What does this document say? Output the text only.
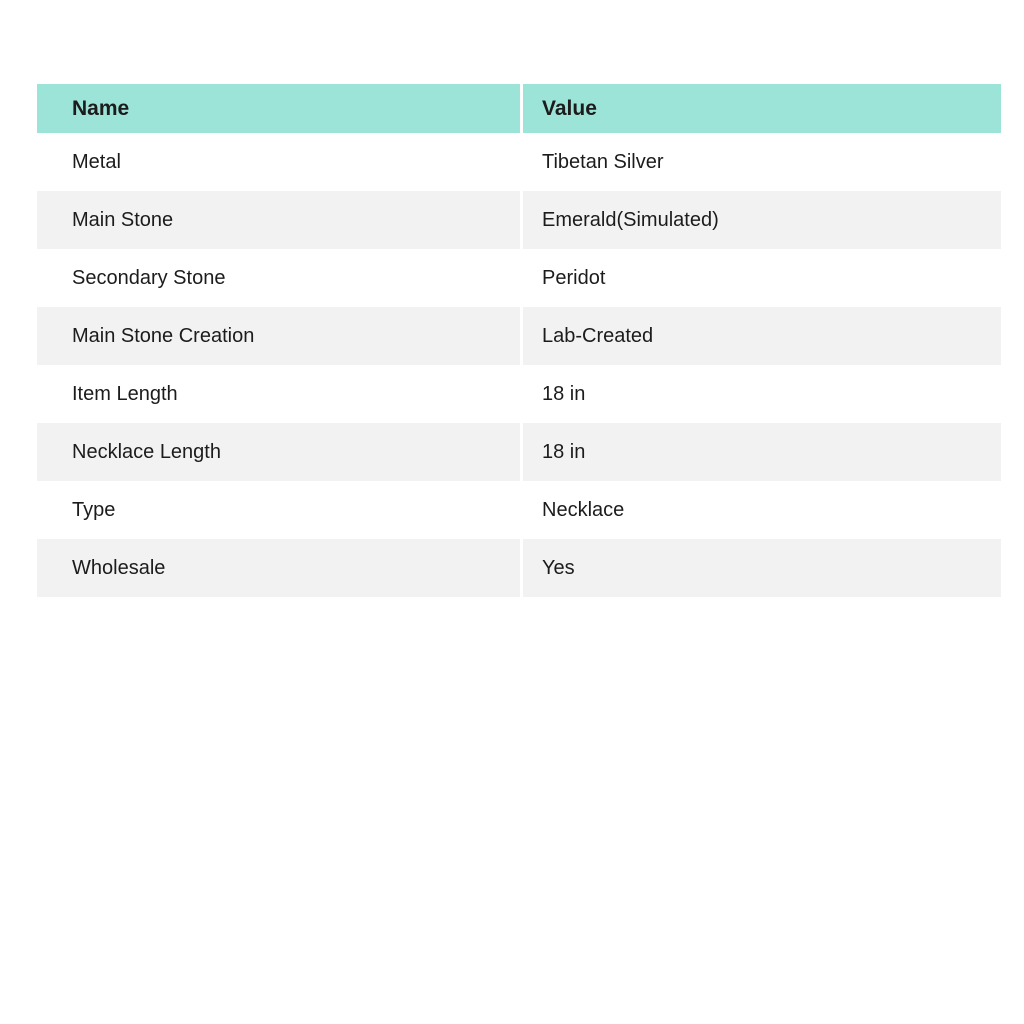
Name	Value
Metal	Tibetan Silver
Main Stone	Emerald(Simulated)
Secondary Stone	Peridot
Main Stone Creation	Lab-Created
Item Length	18 in
Necklace Length	18 in
Type	Necklace
Wholesale	Yes
